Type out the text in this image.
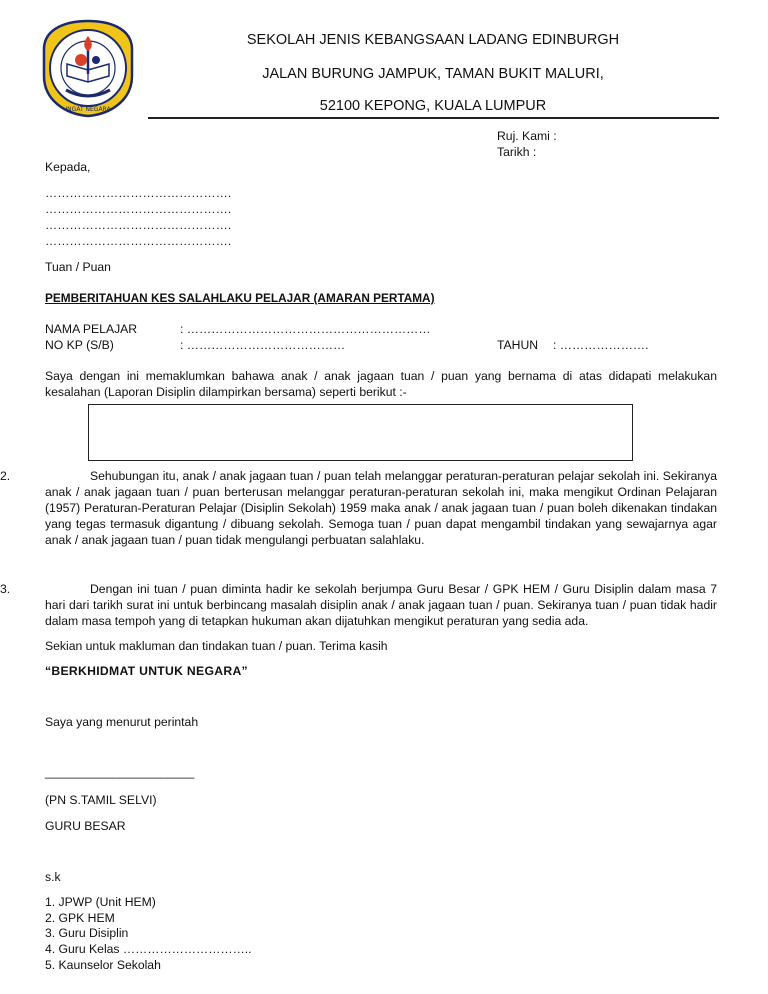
INGAT NEGARA
SEKOLAH JENIS KEBANGSAAN LADANG EDINBURGH
JALAN BURUNG JAMPUK, TAMAN BUKIT MALURI,
52100 KEPONG, KUALA LUMPUR
Ruj. Kami :
Tarikh :
Kepada,
……………………………………….
……………………………………….
……………………………………….
……………………………………….
Tuan / Puan
PEMBERITAHUAN KES SALAHLAKU PELAJAR (AMARAN PERTAMA)
NAMA PELAJAR	: ……………………………………………………
NO KP (S/B)	: …………………………………	TAHUN : ………………….
Saya dengan ini memaklumkan bahawa anak / anak jagaan tuan / puan yang bernama di atas didapati melakukan kesalahan (Laporan Disiplin dilampirkan bersama) seperti berikut :-
2.	Sehubungan itu, anak / anak jagaan tuan / puan telah melanggar peraturan-peraturan pelajar sekolah ini. Sekiranya anak / anak jagaan tuan / puan berterusan melanggar peraturan-peraturan sekolah ini, maka mengikut Ordinan Pelajaran (1957) Peraturan-Peraturan Pelajar (Disiplin Sekolah) 1959 maka anak / anak jagaan tuan / puan boleh dikenakan tindakan yang tegas termasuk digantung / dibuang sekolah. Semoga tuan / puan dapat mengambil tindakan yang sewajarnya agar anak / anak jagaan tuan / puan tidak mengulangi perbuatan salahlaku.
3.	Dengan ini tuan / puan diminta hadir ke sekolah berjumpa Guru Besar / GPK HEM / Guru Disiplin dalam masa 7 hari dari tarikh surat ini untuk berbincang masalah disiplin anak / anak jagaan tuan / puan. Sekiranya tuan / puan tidak hadir dalam masa tempoh yang di tetapkan hukuman akan dijatuhkan mengikut peraturan yang sedia ada.
Sekian untuk makluman dan tindakan tuan / puan. Terima kasih
“BERKHIDMAT UNTUK NEGARA”
Saya yang menurut perintah
______________________
(PN S.TAMIL SELVI)
GURU BESAR
s.k
1. JPWP (Unit HEM)
2. GPK HEM
3. Guru Disiplin
4. Guru Kelas …………………………..
5. Kaunselor Sekolah
